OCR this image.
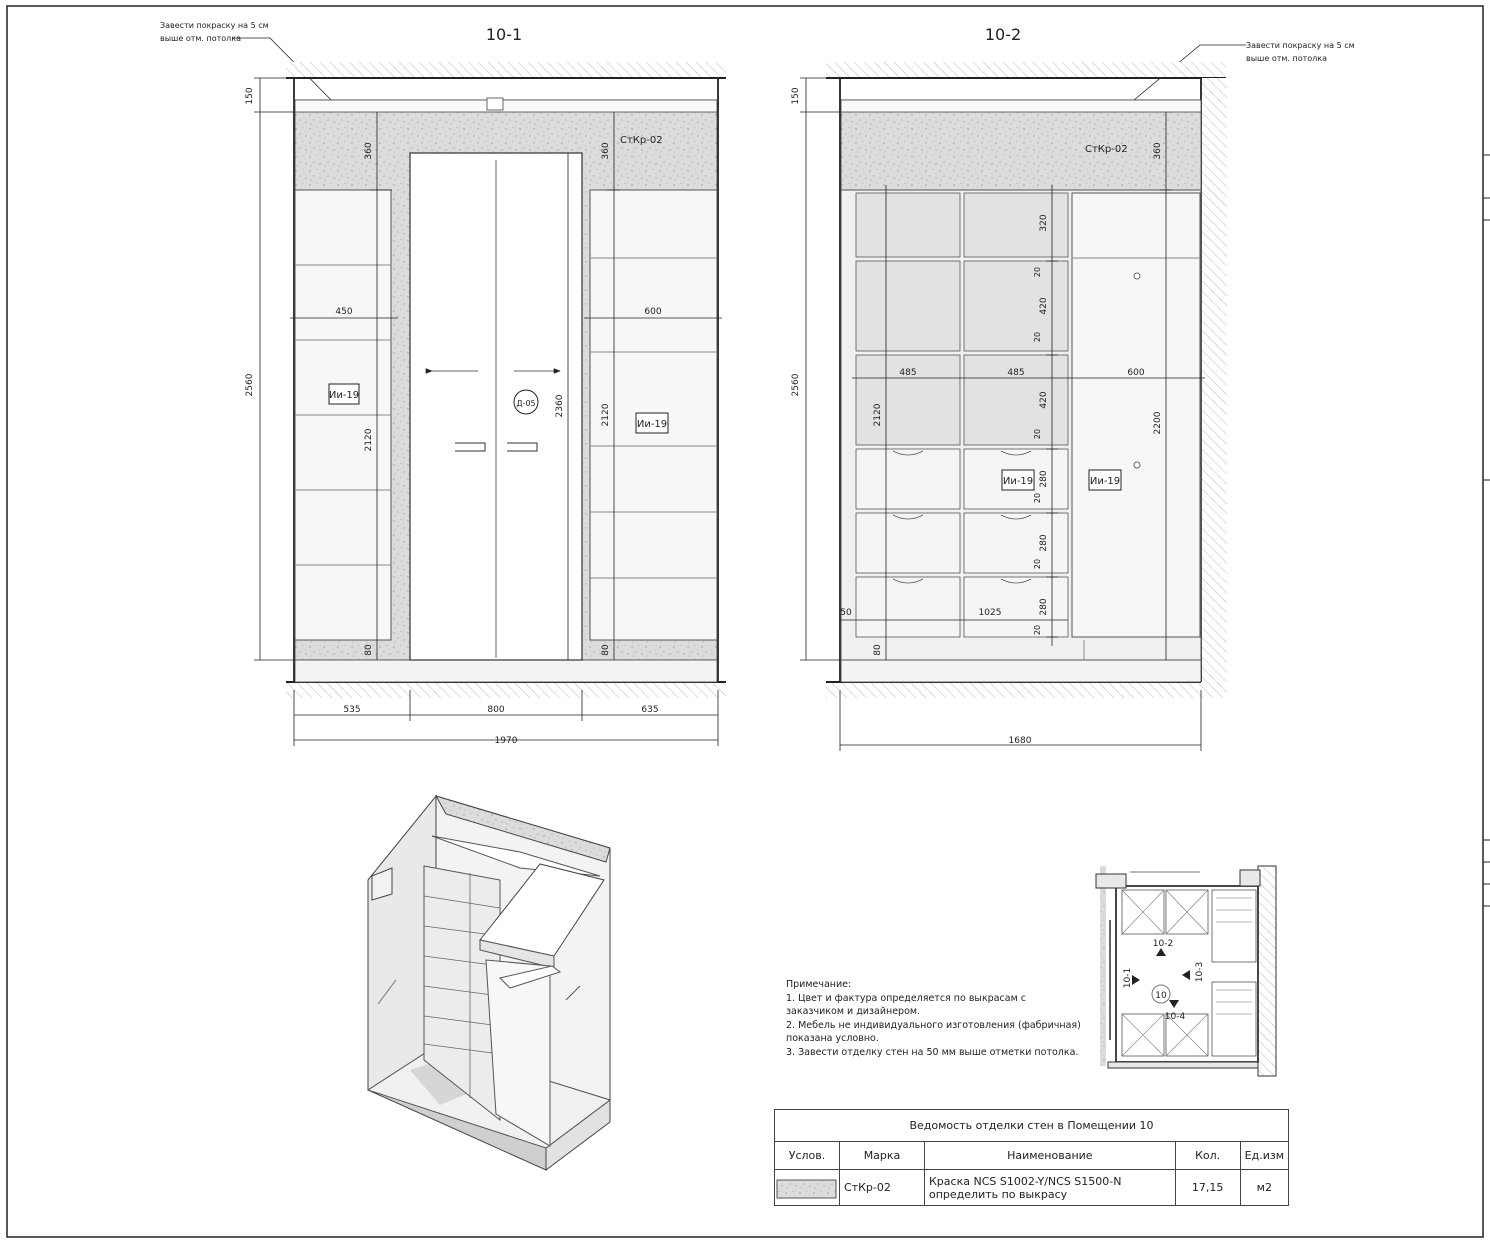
10-1
Завести покраску на 5 см
выше отм. потолка
СтКр-02
Ии-19
Д-05
Ии-19
150
2560
360	360
2120
2120
2360
80	80
450	600
535	800	635
1970
10-2
Завести покраску на 5 см
выше отм. потолка
СтКр-02
Ии-19	Ии-19
150
2560
360
320
20
420
20
420
20
280
20
280
20
280
20
2120	2200
80
485	485	600
50	1025
1680
10-2
10-1	10-3
10-4
10
Примечание:
1. Цвет и фактура определяется по выкрасам с
заказчиком и дизайнером.
2. Мебель не индивидуального изготовления (фабричная)
показана условно.
3. Завести отделку стен на 50 мм выше отметки потолка.
Ведомость отделки стен в Помещении 10				
Услов.	Марка	Наименование	Кол.	Ед.изм
	СтКр-02	Краска NCS S1002-Y/NCS S1500-N
определить по выкрасу	17,15	м2
